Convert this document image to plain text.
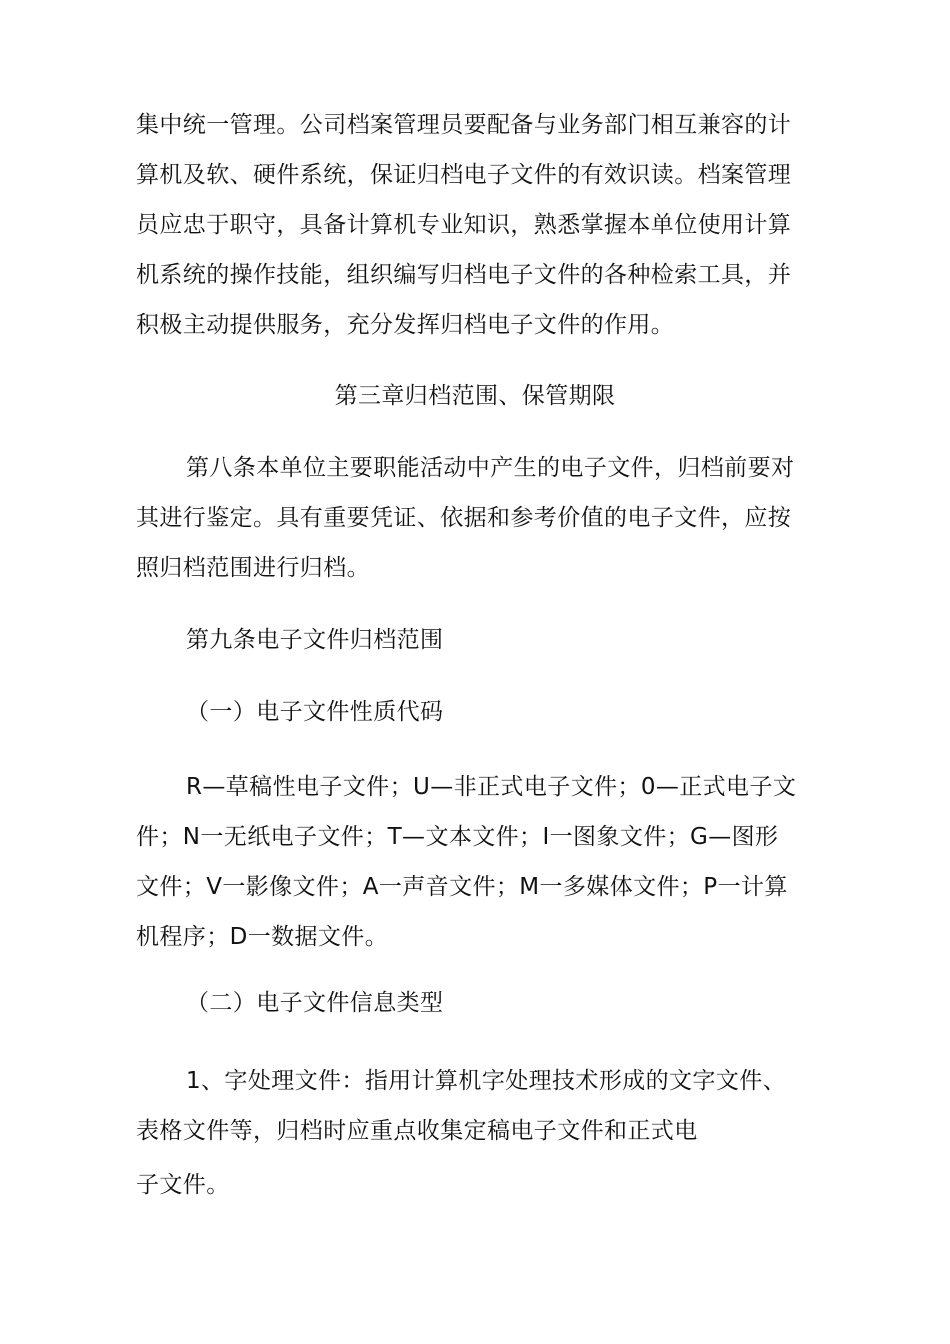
集中统一管理。公司档案管理员要配备与业务部门相互兼容的计
算机及软、硬件系统，保证归档电子文件的有效识读。档案管理
员应忠于职守，具备计算机专业知识，熟悉掌握本单位使用计算
机系统的操作技能，组织编写归档电子文件的各种检索工具，并
积极主动提供服务，充分发挥归档电子文件的作用。
第三章归档范围、保管期限
第八条本单位主要职能活动中产生的电子文件，归档前要对
其进行鉴定。具有重要凭证、依据和参考价值的电子文件，应按
照归档范围进行归档。
第九条电子文件归档范围
（一）电子文件性质代码
R—草稿性电子文件；U—非正式电子文件；0—正式电子文
件；N一无纸电子文件；T—文本文件；I一图象文件；G—图形
文件；V一影像文件；A一声音文件；M一多媒体文件；P一计算
机程序；D一数据文件。
（二）电子文件信息类型
1、字处理文件：指用计算机字处理技术形成的文字文件、
表格文件等，归档时应重点收集定稿电子文件和正式电
子文件。
